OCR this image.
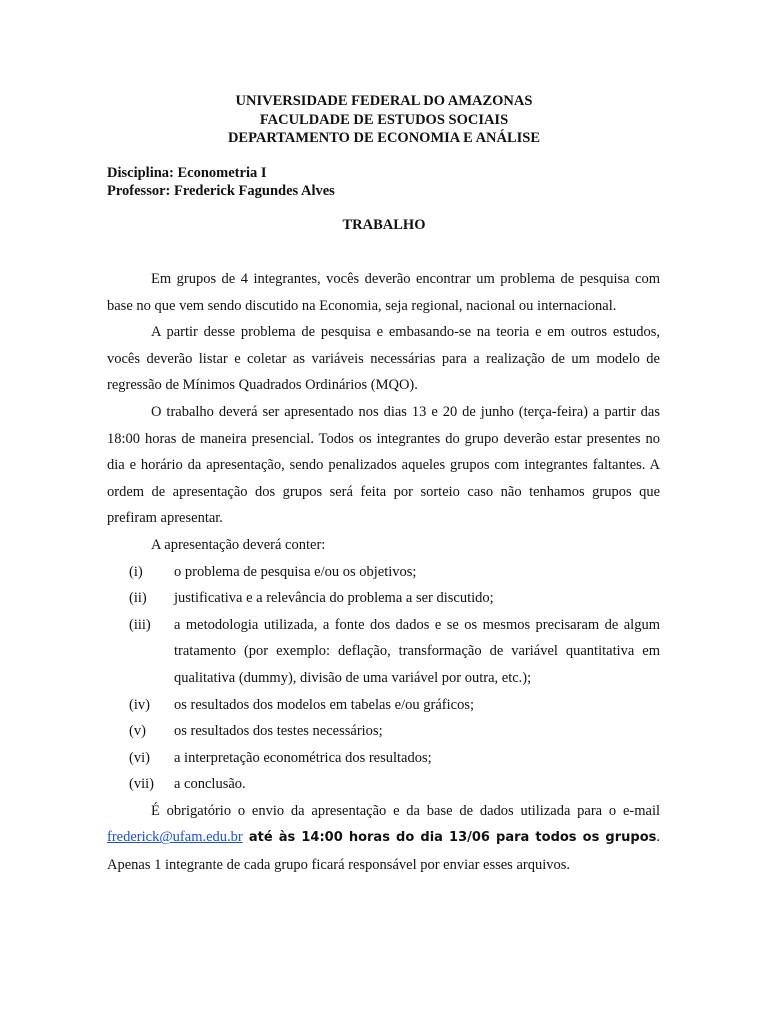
UNIVERSIDADE FEDERAL DO AMAZONAS
FACULDADE DE ESTUDOS SOCIAIS
DEPARTAMENTO DE ECONOMIA E ANÁLISE
Disciplina: Econometria I
Professor: Frederick Fagundes Alves
TRABALHO

Em grupos de 4 integrantes, vocês deverão encontrar um problema de pesquisa com base no que vem sendo discutido na Economia, seja regional, nacional ou internacional.

A partir desse problema de pesquisa e embasando-se na teoria e em outros estudos, vocês deverão listar e coletar as variáveis necessárias para a realização de um modelo de regressão de Mínimos Quadrados Ordinários (MQO).

O trabalho deverá ser apresentado nos dias 13 e 20 de junho (terça-feira) a partir das 18:00 horas de maneira presencial. Todos os integrantes do grupo deverão estar presentes no dia e horário da apresentação, sendo penalizados aqueles grupos com integrantes faltantes. A ordem de apresentação dos grupos será feita por sorteio caso não tenhamos grupos que prefiram apresentar.

A apresentação deverá conter:

(i) o problema de pesquisa e/ou os objetivos;
(ii) justificativa e a relevância do problema a ser discutido;
(iii) a metodologia utilizada, a fonte dos dados e se os mesmos precisaram de algum tratamento (por exemplo: deflação, transformação de variável quantitativa em qualitativa (dummy), divisão de uma variável por outra, etc.);
(iv) os resultados dos modelos em tabelas e/ou gráficos;
(v) os resultados dos testes necessários;
(vi) a interpretação econométrica dos resultados;
(vii) a conclusão.

É obrigatório o envio da apresentação e da base de dados utilizada para o e-mail frederick@ufam.edu.br até às 14:00 horas do dia 13/06 para todos os grupos. Apenas 1 integrante de cada grupo ficará responsável por enviar esses arquivos.
